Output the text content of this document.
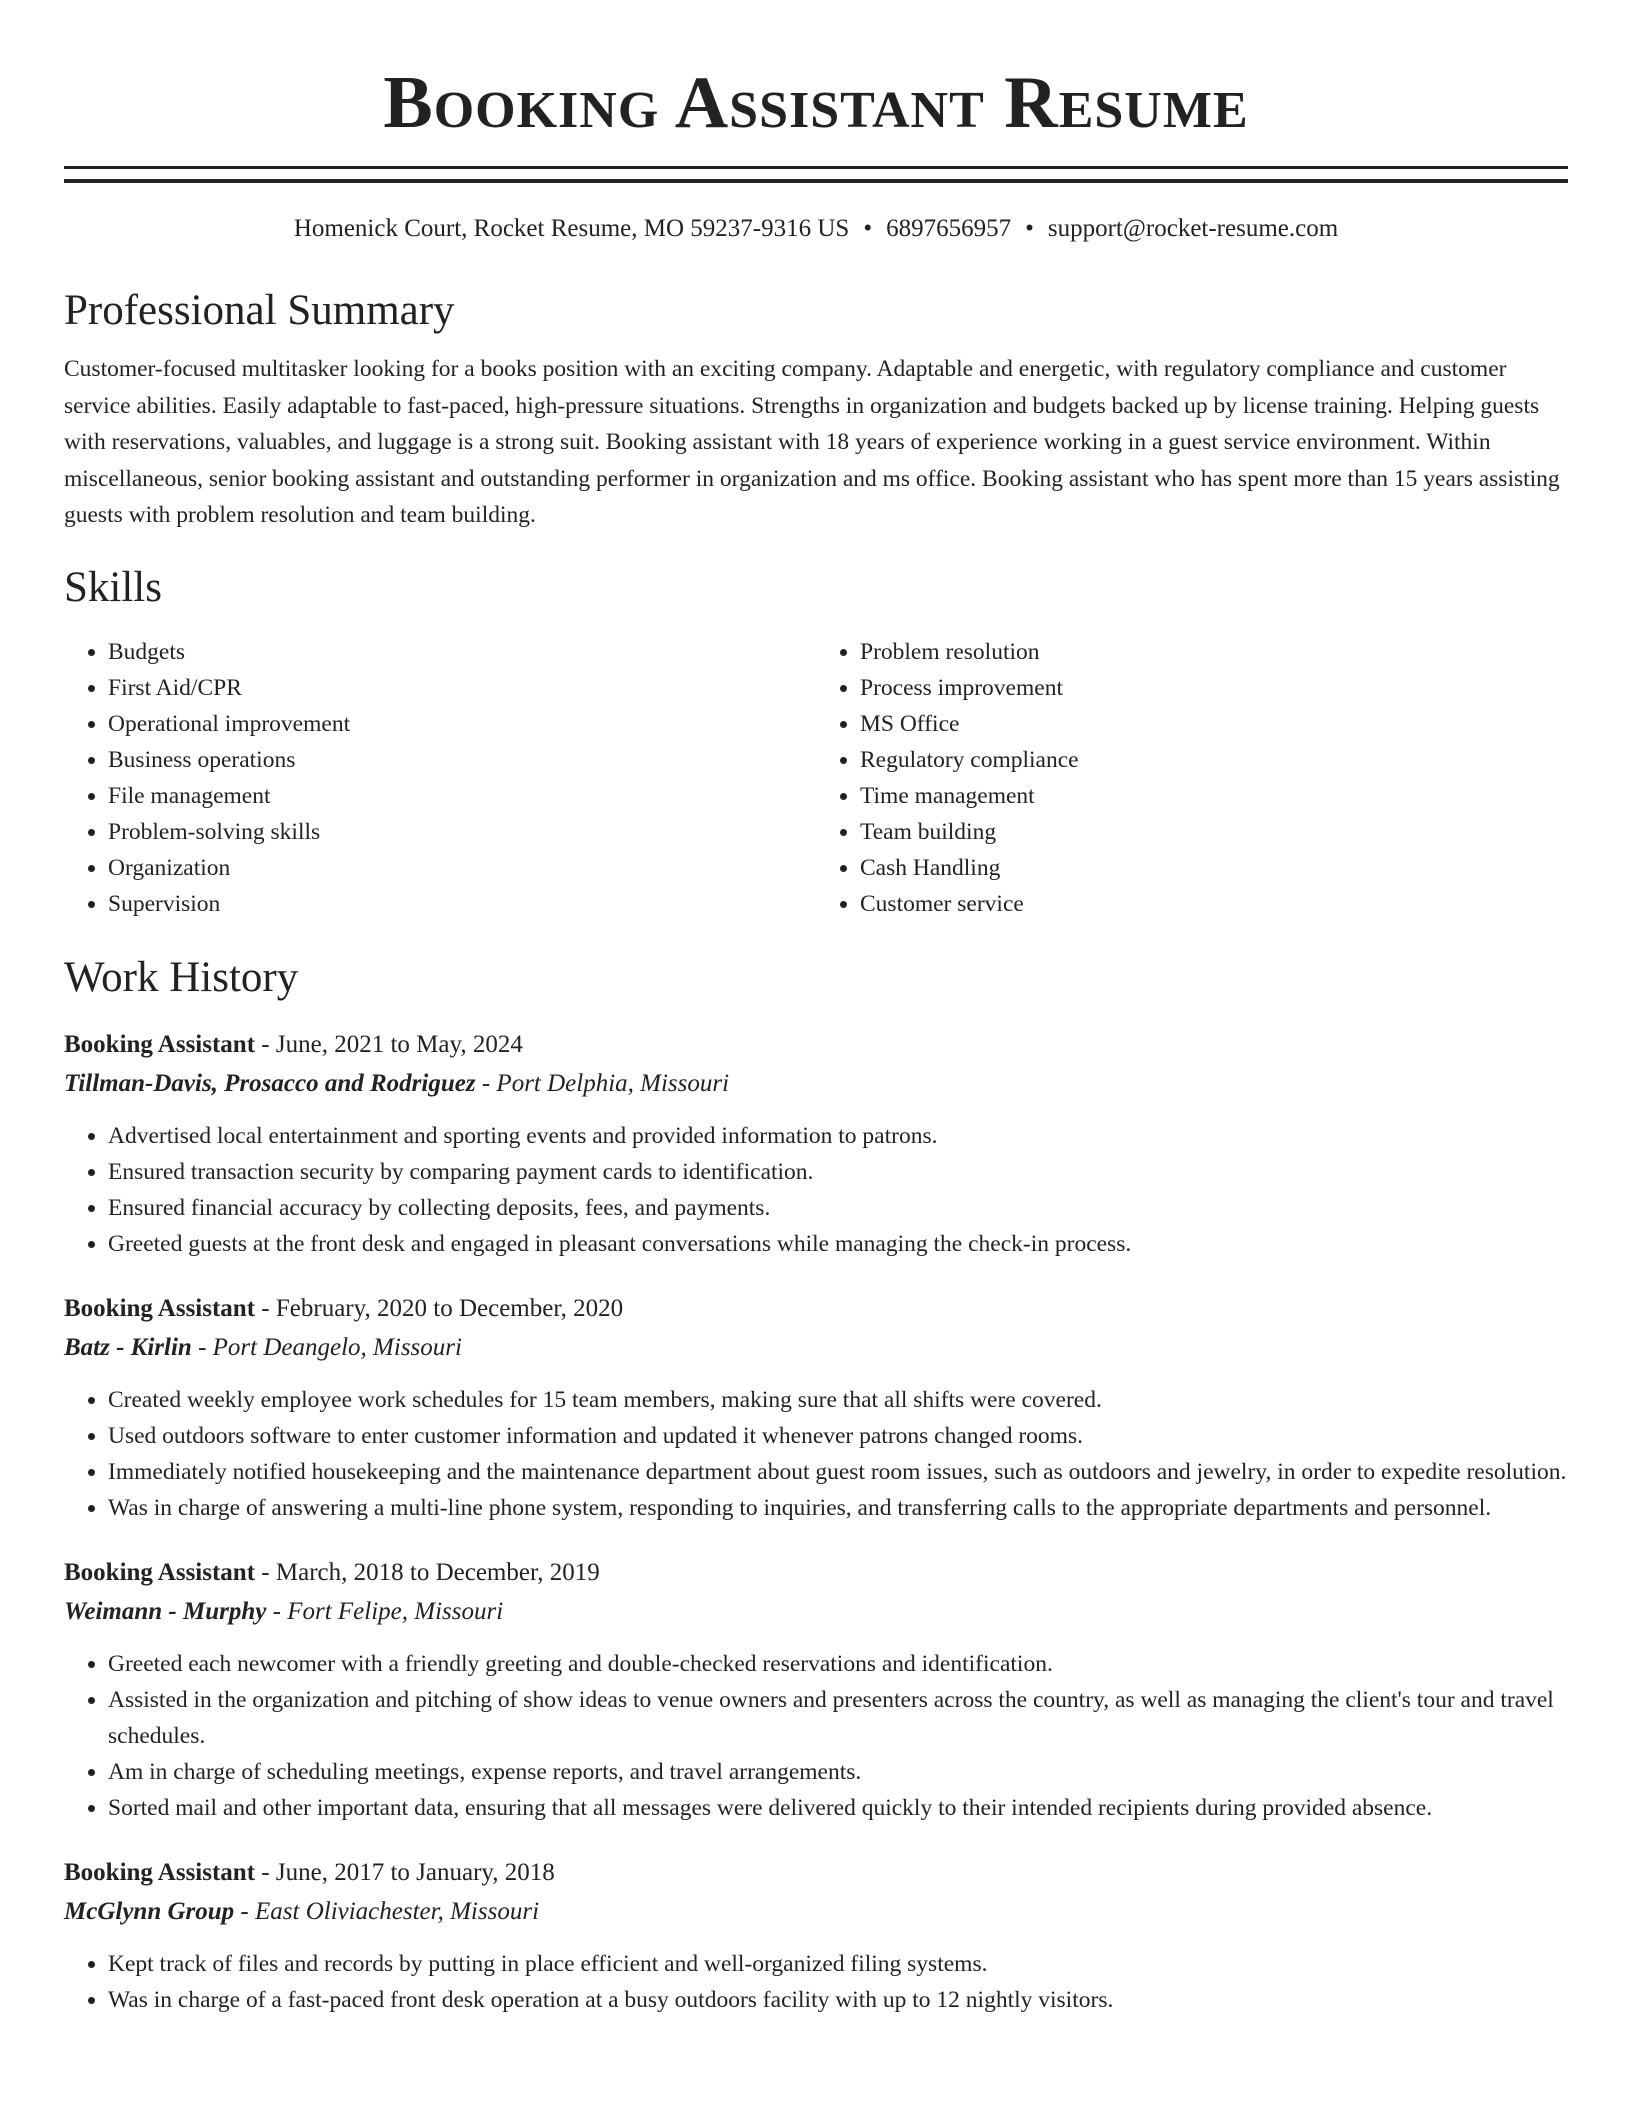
Booking Assistant Resume
Homenick Court, Rocket Resume, MO 59237-9316 US • 6897656957 • support@rocket-resume.com
Professional Summary

Customer-focused multitasker looking for a books position with an exciting company. Adaptable and energetic, with regulatory compliance and customer service abilities. Easily adaptable to fast-paced, high-pressure situations. Strengths in organization and budgets backed up by license training. Helping guests with reservations, valuables, and luggage is a strong suit. Booking assistant with 18 years of experience working in a guest service environment. Within miscellaneous, senior booking assistant and outstanding performer in organization and ms office. Booking assistant who has spent more than 15 years assisting guests with problem resolution and team building.

Skills
• Budgets
• First Aid/CPR
• Operational improvement
• Business operations
• File management
• Problem-solving skills
• Organization
• Supervision
• Problem resolution
• Process improvement
• MS Office
• Regulatory compliance
• Time management
• Team building
• Cash Handling
• Customer service
Work History
Booking Assistant - June, 2021 to May, 2024
Tillman-Davis, Prosacco and Rodriguez - Port Delphia, Missouri
• Advertised local entertainment and sporting events and provided information to patrons.
• Ensured transaction security by comparing payment cards to identification.
• Ensured financial accuracy by collecting deposits, fees, and payments.
• Greeted guests at the front desk and engaged in pleasant conversations while managing the check-in process.
Booking Assistant - February, 2020 to December, 2020
Batz - Kirlin - Port Deangelo, Missouri
• Created weekly employee work schedules for 15 team members, making sure that all shifts were covered.
• Used outdoors software to enter customer information and updated it whenever patrons changed rooms.
• Immediately notified housekeeping and the maintenance department about guest room issues, such as outdoors and jewelry, in order to expedite resolution.
• Was in charge of answering a multi-line phone system, responding to inquiries, and transferring calls to the appropriate departments and personnel.
Booking Assistant - March, 2018 to December, 2019
Weimann - Murphy - Fort Felipe, Missouri
• Greeted each newcomer with a friendly greeting and double-checked reservations and identification.
• Assisted in the organization and pitching of show ideas to venue owners and presenters across the country, as well as managing the client's tour and travel schedules.
• Am in charge of scheduling meetings, expense reports, and travel arrangements.
• Sorted mail and other important data, ensuring that all messages were delivered quickly to their intended recipients during provided absence.
Booking Assistant - June, 2017 to January, 2018
McGlynn Group - East Oliviachester, Missouri
• Kept track of files and records by putting in place efficient and well-organized filing systems.
• Was in charge of a fast-paced front desk operation at a busy outdoors facility with up to 12 nightly visitors.
